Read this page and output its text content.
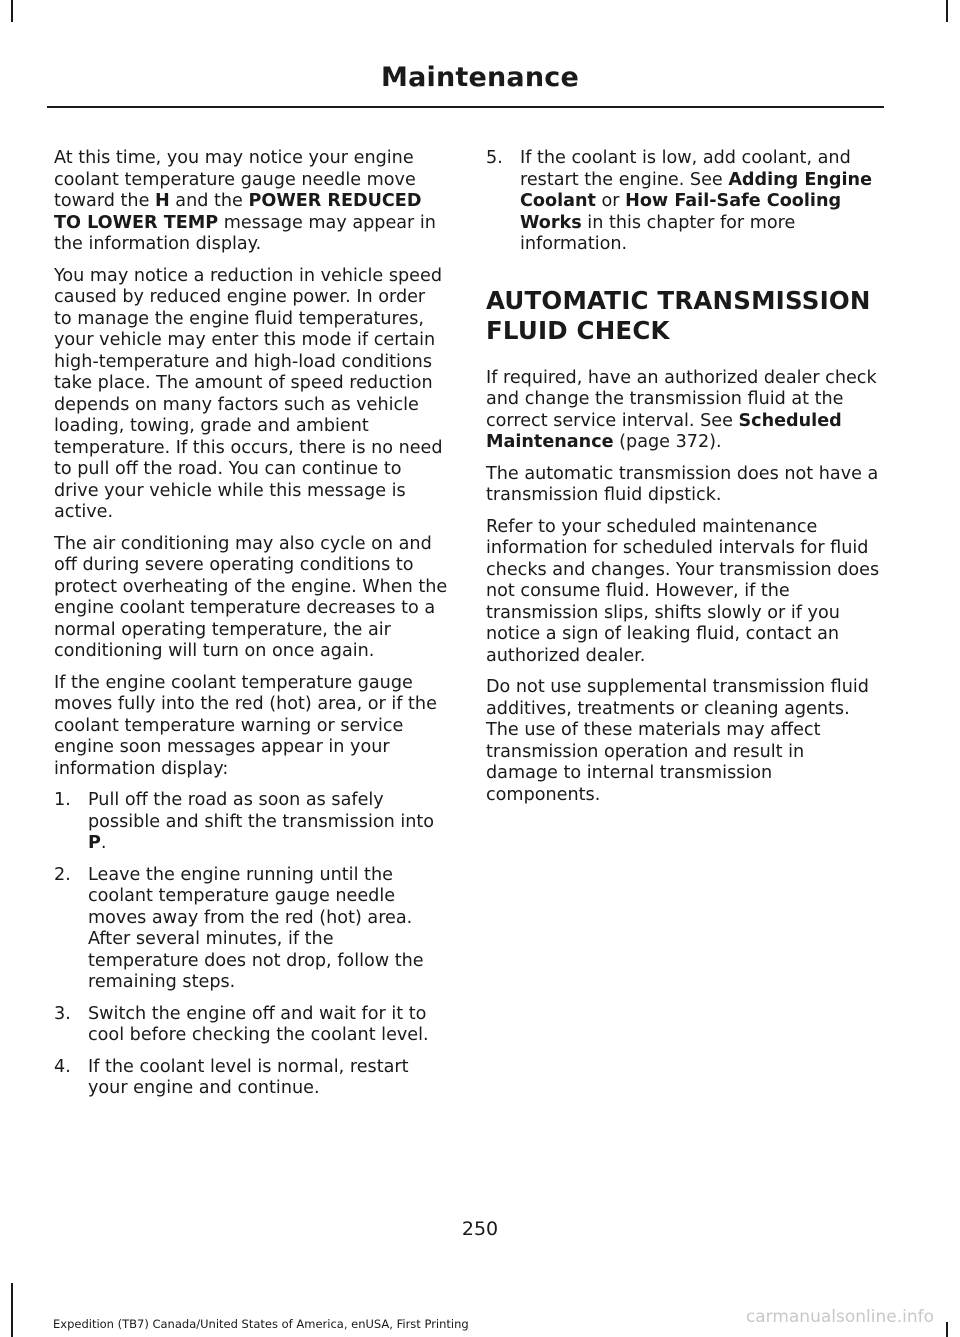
Maintenance

At this time, you may notice your engine coolant temperature gauge needle move toward the H and the POWER REDUCED TO LOWER TEMP message may appear in the information display.

You may notice a reduction in vehicle speed caused by reduced engine power. In order to manage the engine fluid temperatures, your vehicle may enter this mode if certain high-temperature and high-load conditions take place. The amount of speed reduction depends on many factors such as vehicle loading, towing, grade and ambient temperature. If this occurs, there is no need to pull off the road. You can continue to drive your vehicle while this message is active.

The air conditioning may also cycle on and off during severe operating conditions to protect overheating of the engine. When the engine coolant temperature decreases to a normal operating temperature, the air conditioning will turn on once again.

If the engine coolant temperature gauge moves fully into the red (hot) area, or if the coolant temperature warning or service engine soon messages appear in your information display:

1. Pull off the road as soon as safely possible and shift the transmission into P.
2. Leave the engine running until the coolant temperature gauge needle moves away from the red (hot) area. After several minutes, if the temperature does not drop, follow the remaining steps.
3. Switch the engine off and wait for it to cool before checking the coolant level.
4. If the coolant level is normal, restart your engine and continue.
5. If the coolant is low, add coolant, and restart the engine. See Adding Engine Coolant or How Fail-Safe Cooling Works in this chapter for more information.
AUTOMATIC TRANSMISSION FLUID CHECK

If required, have an authorized dealer check and change the transmission fluid at the correct service interval. See Scheduled Maintenance (page 372).

The automatic transmission does not have a transmission fluid dipstick.

Refer to your scheduled maintenance information for scheduled intervals for fluid checks and changes. Your transmission does not consume fluid. However, if the transmission slips, shifts slowly or if you notice a sign of leaking fluid, contact an authorized dealer.

Do not use supplemental transmission fluid additives, treatments or cleaning agents. The use of these materials may affect transmission operation and result in damage to internal transmission components.

250
Expedition (TB7) Canada/United States of America, enUSA, First Printing	carmanualsonline.info
